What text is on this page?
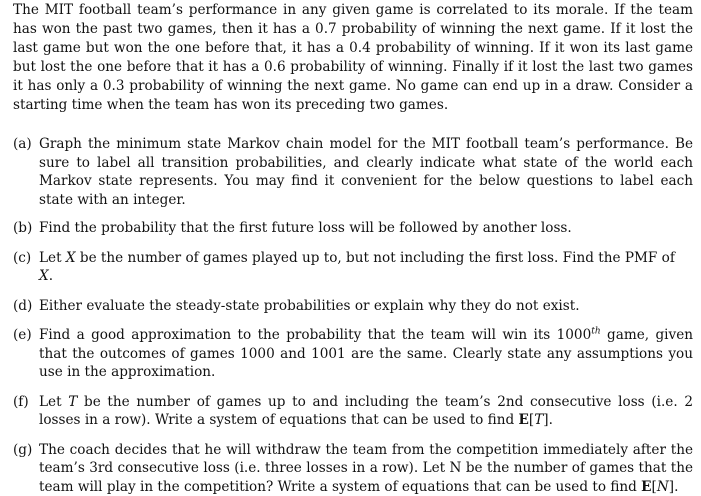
The MIT football team’s performance in any given game is correlated to its morale. If the team has won the past two games, then it has a 0.7 probability of winning the next game. If it lost the last game but won the one before that, it has a 0.4 probability of winning. If it won its last game but lost the one before that it has a 0.6 probability of winning. Finally if it lost the last two games it has only a 0.3 probability of winning the next game. No game can end up in a draw. Consider a starting time when the team has won its preceding two games.

(a) Graph the minimum state Markov chain model for the MIT football team’s performance. Be sure to label all transition probabilities, and clearly indicate what state of the world each Markov state represents. You may find it convenient for the below questions to label each state with an integer.
(b) Find the probability that the first future loss will be followed by another loss.
(c) Let X be the number of games played up to, but not including the first loss. Find the PMF of X.
(d) Either evaluate the steady-state probabilities or explain why they do not exist.
(e) Find a good approximation to the probability that the team will win its 1000th game, given that the outcomes of games 1000 and 1001 are the same. Clearly state any assumptions you use in the approximation.
(f) Let T be the number of games up to and including the team’s 2nd consecutive loss (i.e. 2 losses in a row). Write a system of equations that can be used to find E[T].
(g) The coach decides that he will withdraw the team from the competition immediately after the team’s 3rd consecutive loss (i.e. three losses in a row). Let N be the number of games that the team will play in the competition? Write a system of equations that can be used to find E[N].
